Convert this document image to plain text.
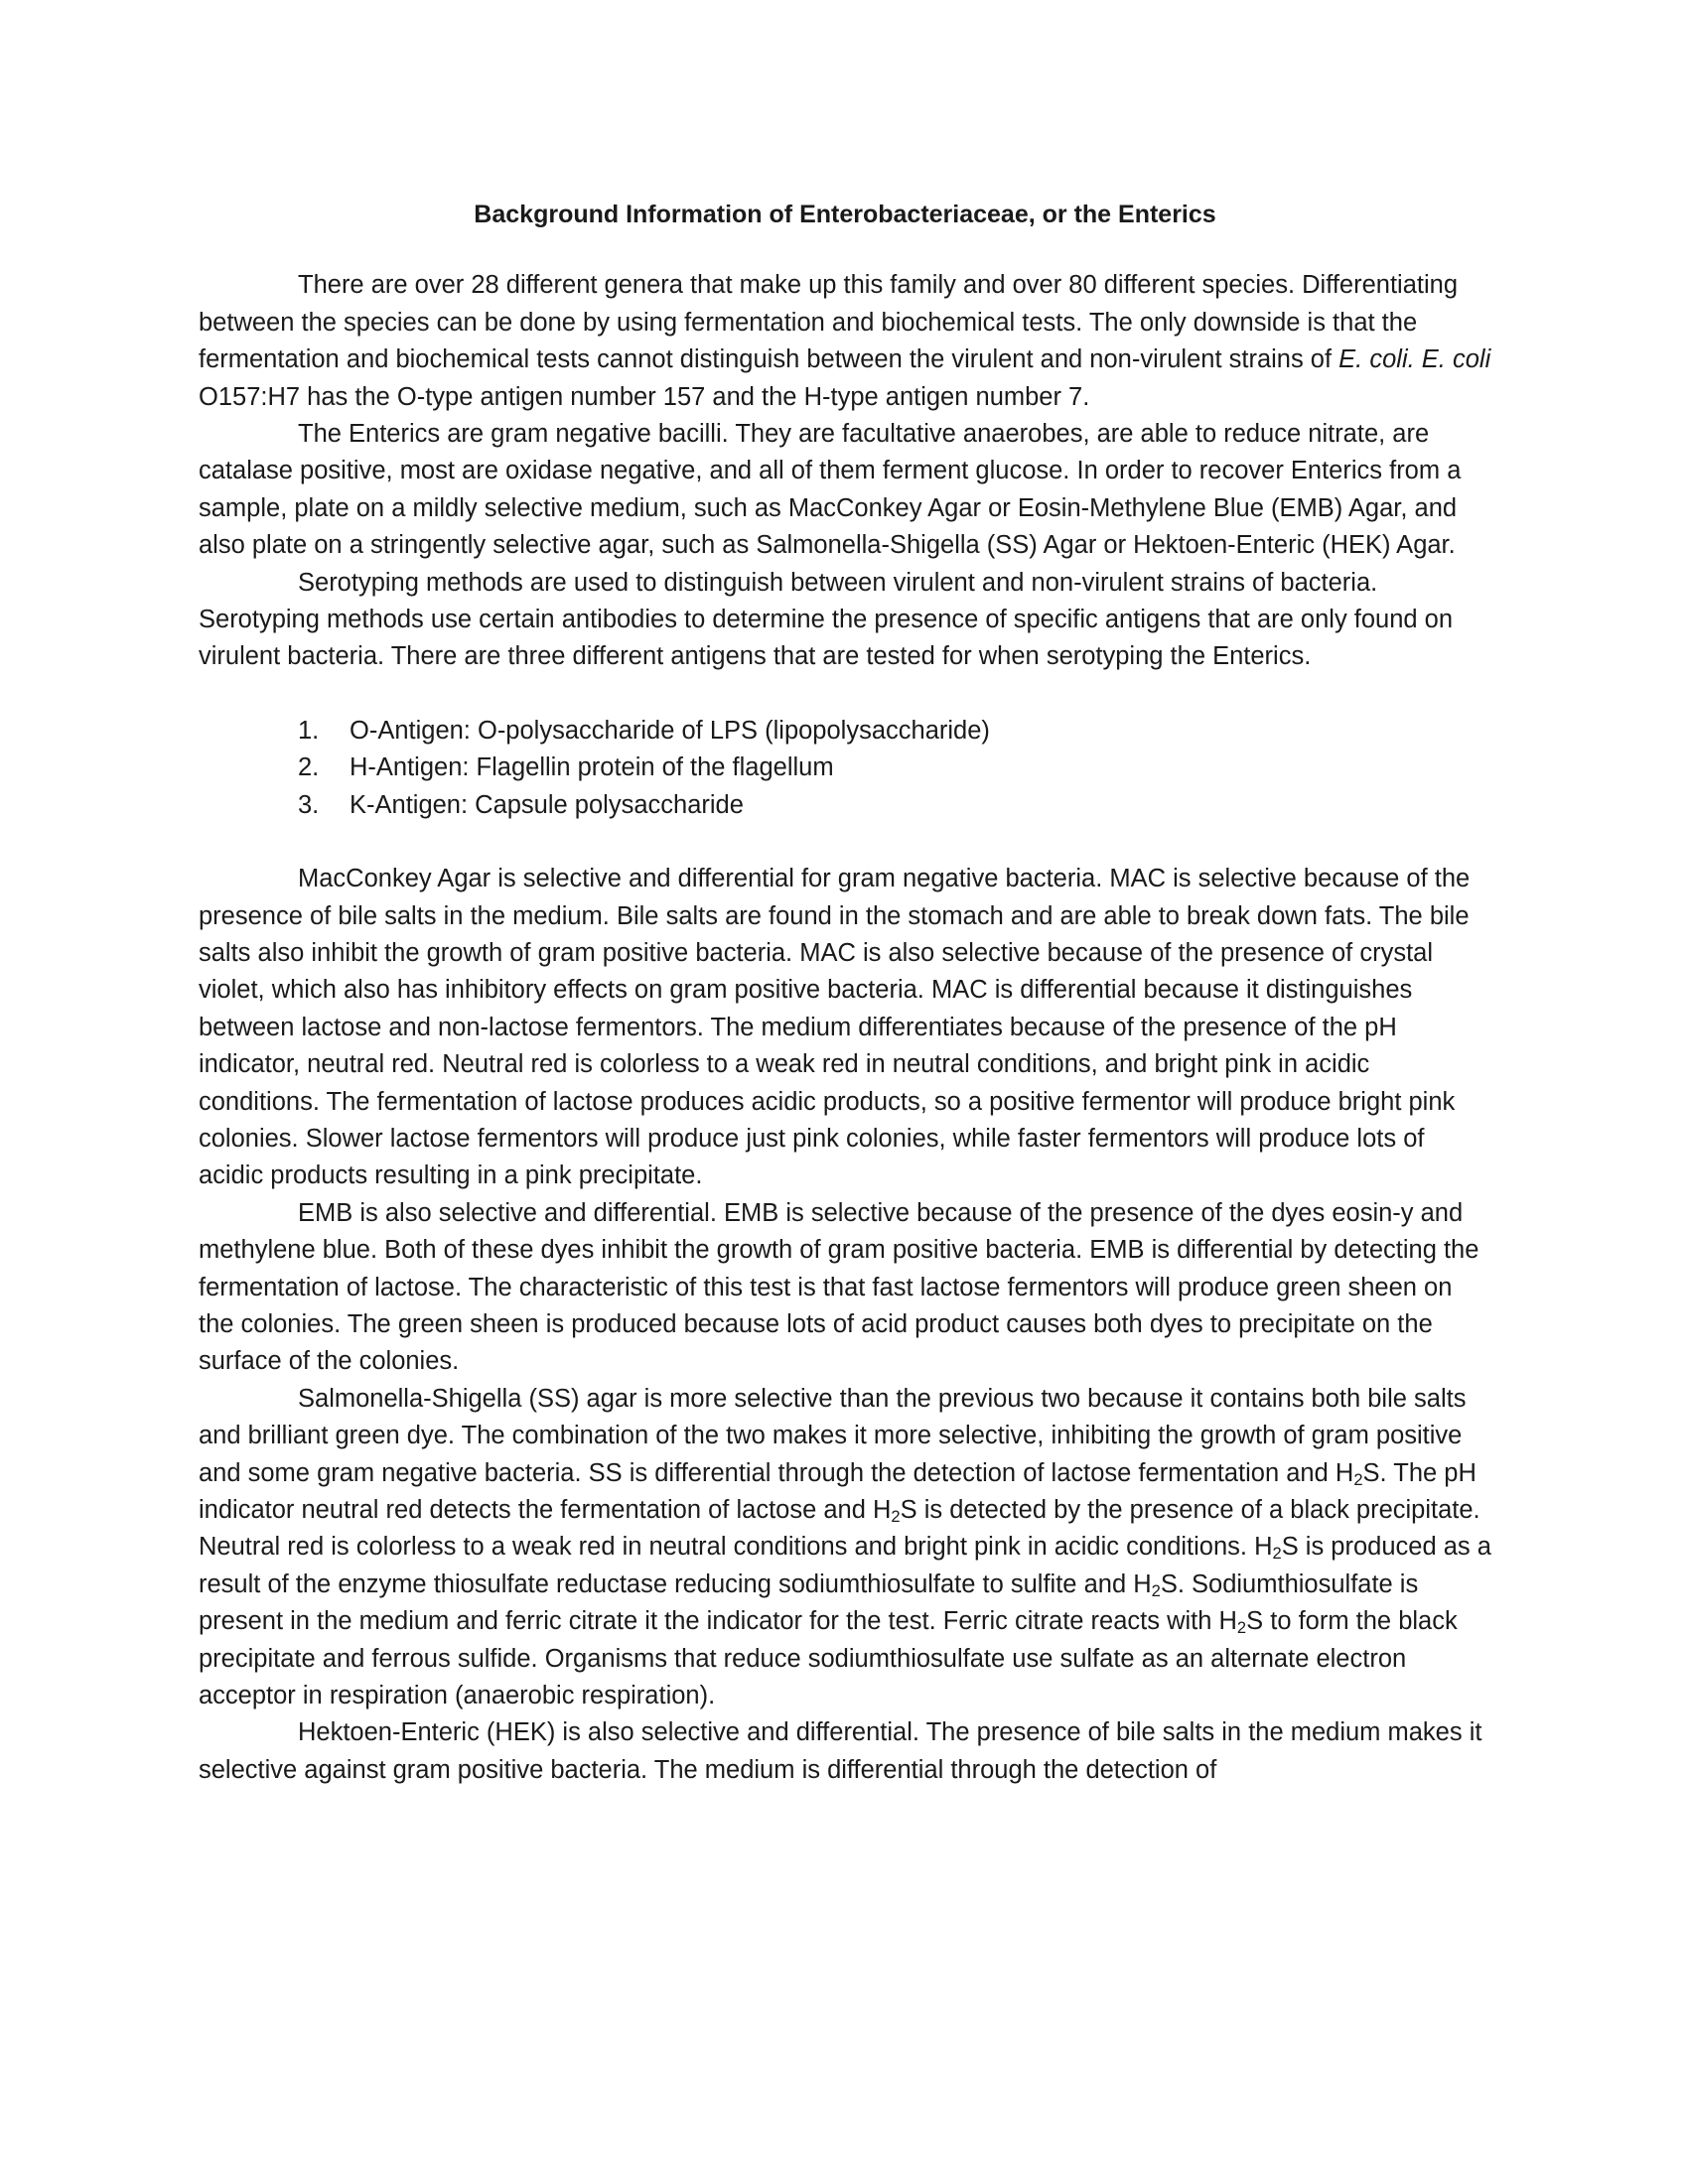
Background Information of Enterobacteriaceae, or the Enterics

There are over 28 different genera that make up this family and over 80 different species. Differentiating between the species can be done by using fermentation and biochemical tests. The only downside is that the fermentation and biochemical tests cannot distinguish between the virulent and non-virulent strains of E. coli. E. coli O157:H7 has the O-type antigen number 157 and the H-type antigen number 7.

The Enterics are gram negative bacilli. They are facultative anaerobes, are able to reduce nitrate, are catalase positive, most are oxidase negative, and all of them ferment glucose. In order to recover Enterics from a sample, plate on a mildly selective medium, such as MacConkey Agar or Eosin-Methylene Blue (EMB) Agar, and also plate on a stringently selective agar, such as Salmonella-Shigella (SS) Agar or Hektoen-Enteric (HEK) Agar.

Serotyping methods are used to distinguish between virulent and non-virulent strains of bacteria. Serotyping methods use certain antibodies to determine the presence of specific antigens that are only found on virulent bacteria. There are three different antigens that are tested for when serotyping the Enterics.

1. O-Antigen: O-polysaccharide of LPS (lipopolysaccharide)
2. H-Antigen: Flagellin protein of the flagellum
3. K-Antigen: Capsule polysaccharide

MacConkey Agar is selective and differential for gram negative bacteria. MAC is selective because of the presence of bile salts in the medium. Bile salts are found in the stomach and are able to break down fats. The bile salts also inhibit the growth of gram positive bacteria. MAC is also selective because of the presence of crystal violet, which also has inhibitory effects on gram positive bacteria. MAC is differential because it distinguishes between lactose and non-lactose fermentors. The medium differentiates because of the presence of the pH indicator, neutral red. Neutral red is colorless to a weak red in neutral conditions, and bright pink in acidic conditions. The fermentation of lactose produces acidic products, so a positive fermentor will produce bright pink colonies. Slower lactose fermentors will produce just pink colonies, while faster fermentors will produce lots of acidic products resulting in a pink precipitate.

EMB is also selective and differential. EMB is selective because of the presence of the dyes eosin-y and methylene blue. Both of these dyes inhibit the growth of gram positive bacteria. EMB is differential by detecting the fermentation of lactose. The characteristic of this test is that fast lactose fermentors will produce green sheen on the colonies. The green sheen is produced because lots of acid product causes both dyes to precipitate on the surface of the colonies.

Salmonella-Shigella (SS) agar is more selective than the previous two because it contains both bile salts and brilliant green dye. The combination of the two makes it more selective, inhibiting the growth of gram positive and some gram negative bacteria. SS is differential through the detection of lactose fermentation and $H_2S$. The pH indicator neutral red detects the fermentation of lactose and $H_2S$ is detected by the presence of a black precipitate. Neutral red is colorless to a weak red in neutral conditions and bright pink in acidic conditions. $H_2S$ is produced as a result of the enzyme thiosulfate reductase reducing sodiumthiosulfate to sulfite and $H_2S$. Sodiumthiosulfate is present in the medium and ferric citrate it the indicator for the test. Ferric citrate reacts with $H_2S$ to form the black precipitate and ferrous sulfide. Organisms that reduce sodiumthiosulfate use sulfate as an alternate electron acceptor in respiration (anaerobic respiration).

Hektoen-Enteric (HEK) is also selective and differential. The presence of bile salts in the medium makes it selective against gram positive bacteria. The medium is differential through the detection of
